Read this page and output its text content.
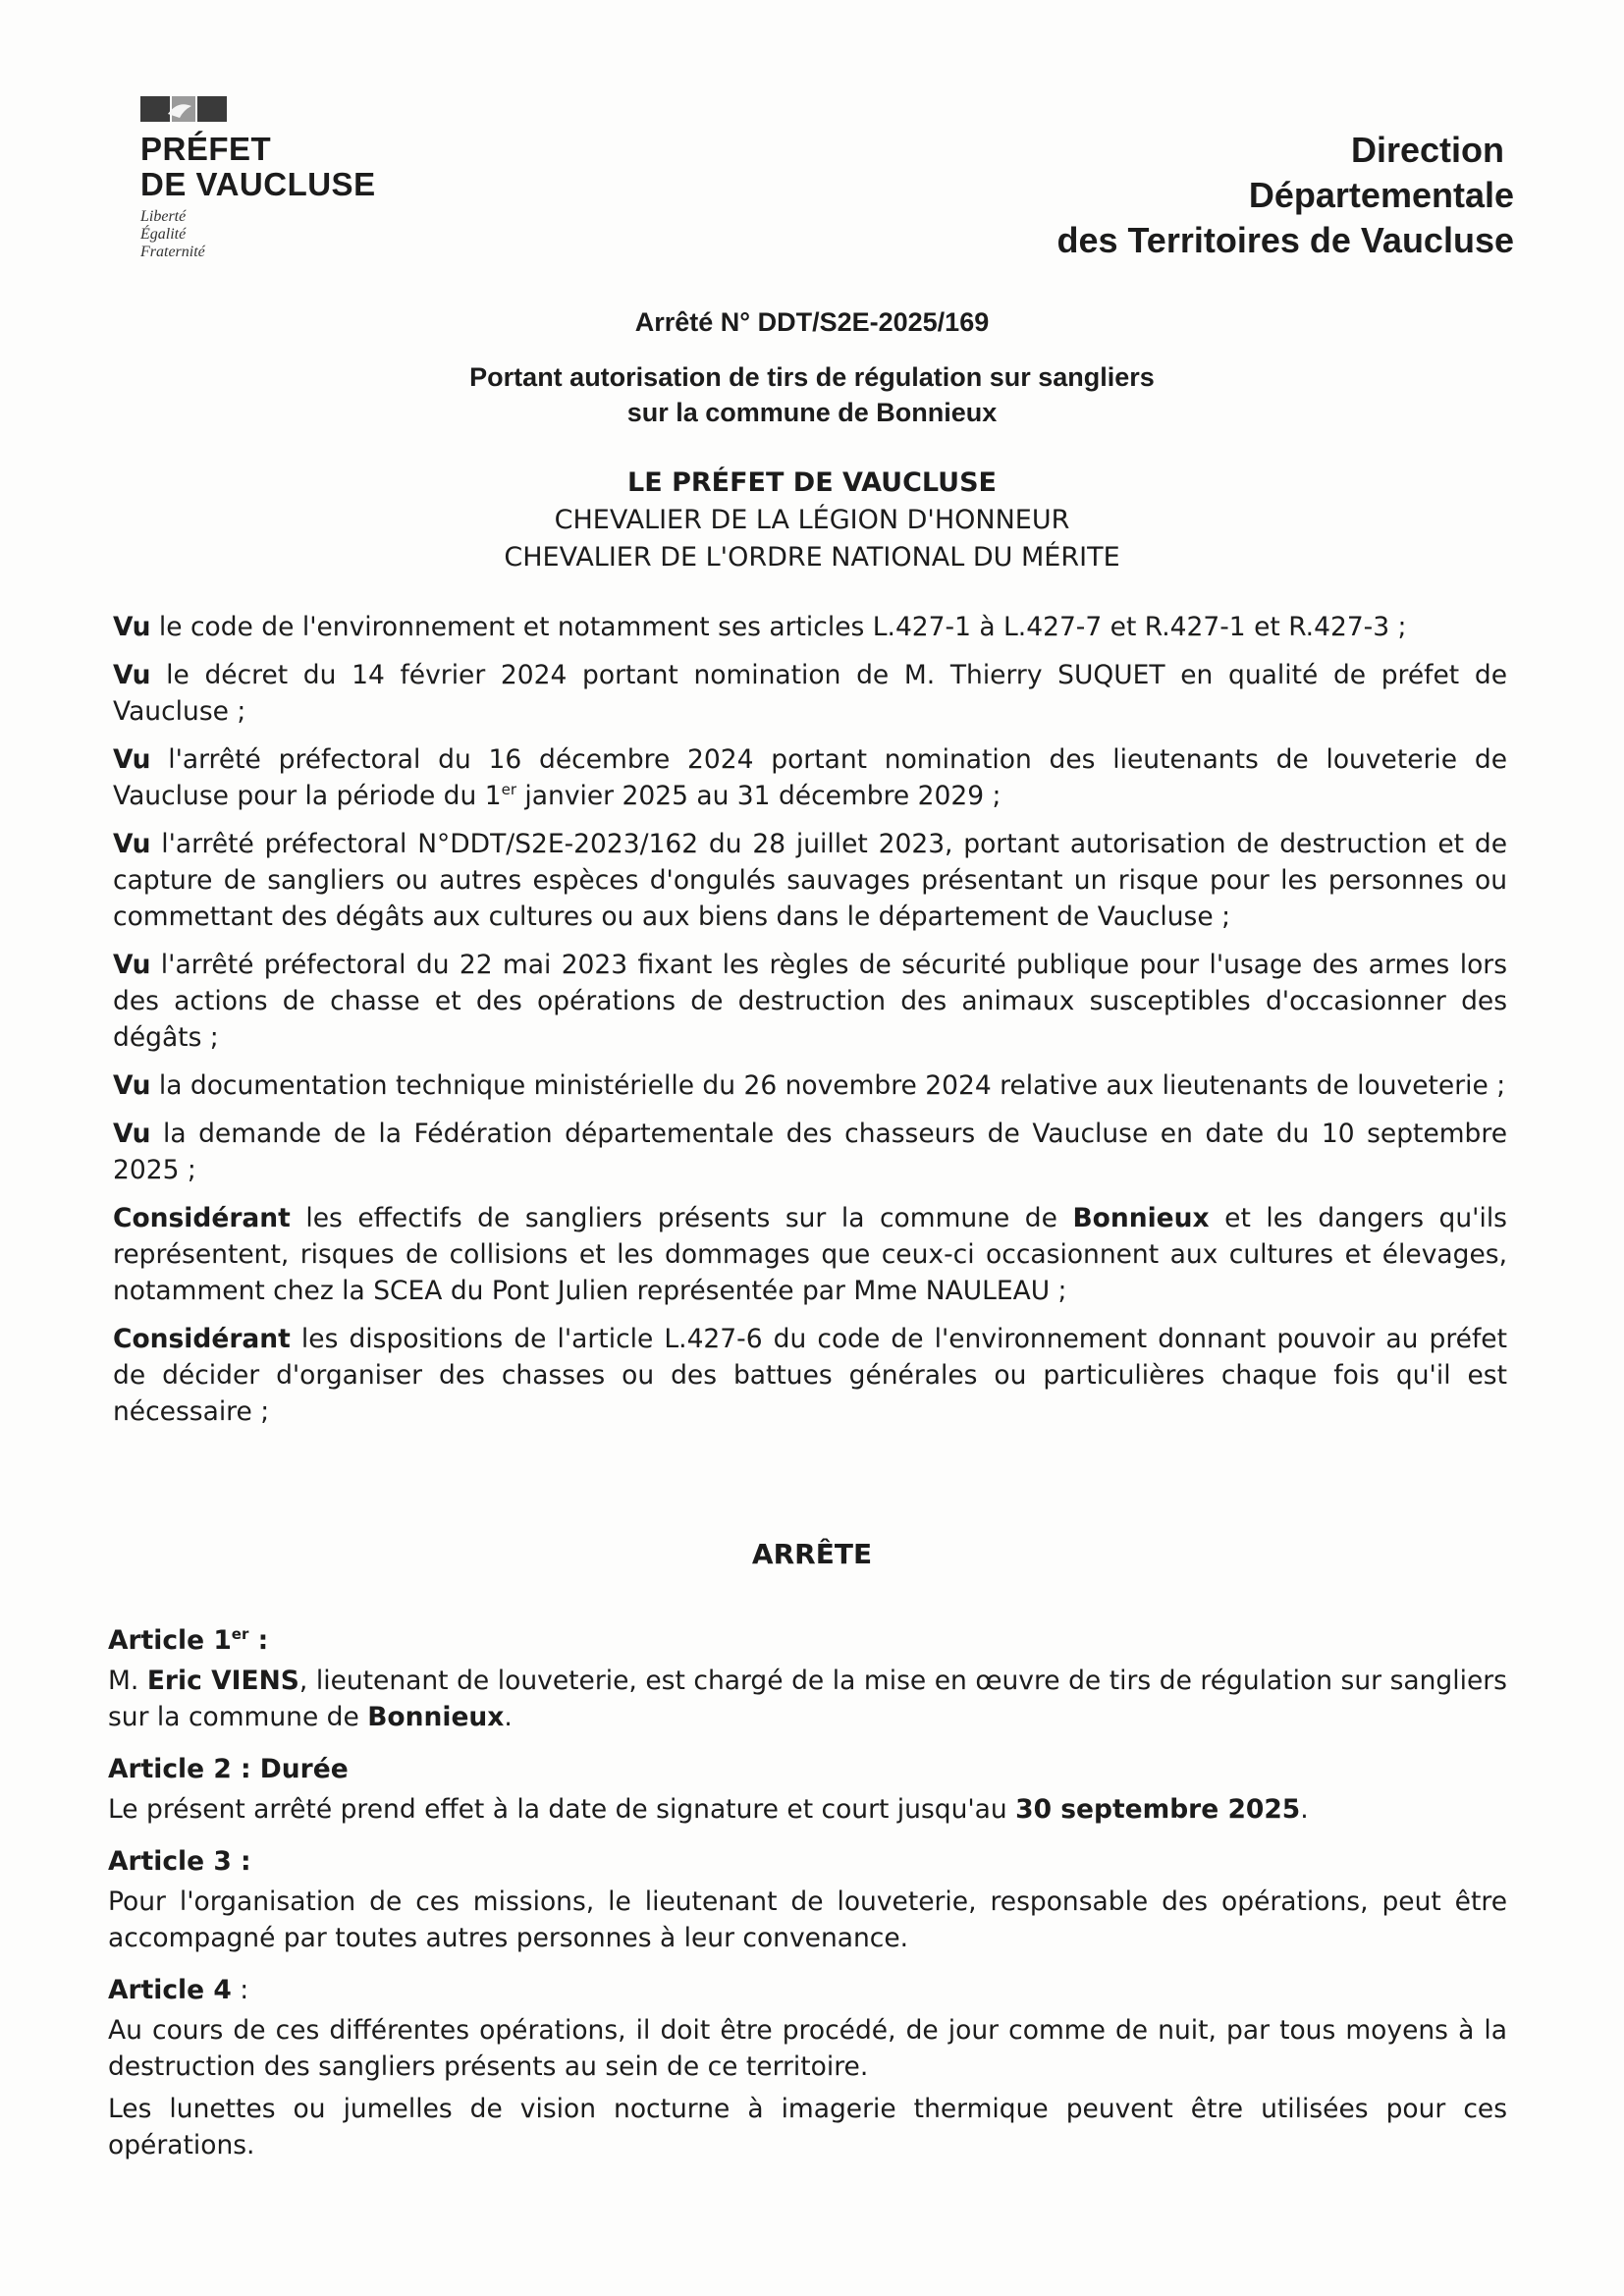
PRÉFET
DE VAUCLUSE
Liberté
Égalité
Fraternité
Direction
Départementale
des Territoires de Vaucluse
Arrêté N° DDT/S2E-2025/169
Portant autorisation de tirs de régulation sur sangliers
sur la commune de Bonnieux
LE PRÉFET DE VAUCLUSE
CHEVALIER DE LA LÉGION D'HONNEUR
CHEVALIER DE L'ORDRE NATIONAL DU MÉRITE

Vu le code de l'environnement et notamment ses articles L.427-1 à L.427-7 et R.427-1 et R.427-3 ;

Vu le décret du 14 février 2024 portant nomination de M. Thierry SUQUET en qualité de préfet de Vaucluse ;

Vu l'arrêté préfectoral du 16 décembre 2024 portant nomination des lieutenants de louveterie de Vaucluse pour la période du 1er janvier 2025 au 31 décembre 2029 ;

Vu l'arrêté préfectoral N°DDT/S2E-2023/162 du 28 juillet 2023, portant autorisation de destruction et de capture de sangliers ou autres espèces d'ongulés sauvages présentant un risque pour les personnes ou commettant des dégâts aux cultures ou aux biens dans le département de Vaucluse ;

Vu l'arrêté préfectoral du 22 mai 2023 fixant les règles de sécurité publique pour l'usage des armes lors des actions de chasse et des opérations de destruction des animaux susceptibles d'occasionner des dégâts ;

Vu la documentation technique ministérielle du 26 novembre 2024 relative aux lieutenants de louveterie ;

Vu la demande de la Fédération départementale des chasseurs de Vaucluse en date du 10 septembre 2025 ;

Considérant les effectifs de sangliers présents sur la commune de Bonnieux et les dangers qu'ils représentent, risques de collisions et les dommages que ceux-ci occasionnent aux cultures et élevages, notamment chez la SCEA du Pont Julien représentée par Mme NAULEAU ;

Considérant les dispositions de l'article L.427-6 du code de l'environnement donnant pouvoir au préfet de décider d'organiser des chasses ou des battues générales ou particulières chaque fois qu'il est nécessaire ;

ARRÊTE

Article 1er :

M. Eric VIENS, lieutenant de louveterie, est chargé de la mise en œuvre de tirs de régulation sur sangliers sur la commune de Bonnieux.

Article 2 : Durée

Le présent arrêté prend effet à la date de signature et court jusqu'au 30 septembre 2025.

Article 3 :

Pour l'organisation de ces missions, le lieutenant de louveterie, responsable des opérations, peut être accompagné par toutes autres personnes à leur convenance.

Article 4 :

Au cours de ces différentes opérations, il doit être procédé, de jour comme de nuit, par tous moyens à la destruction des sangliers présents au sein de ce territoire.

Les lunettes ou jumelles de vision nocturne à imagerie thermique peuvent être utilisées pour ces opérations.
